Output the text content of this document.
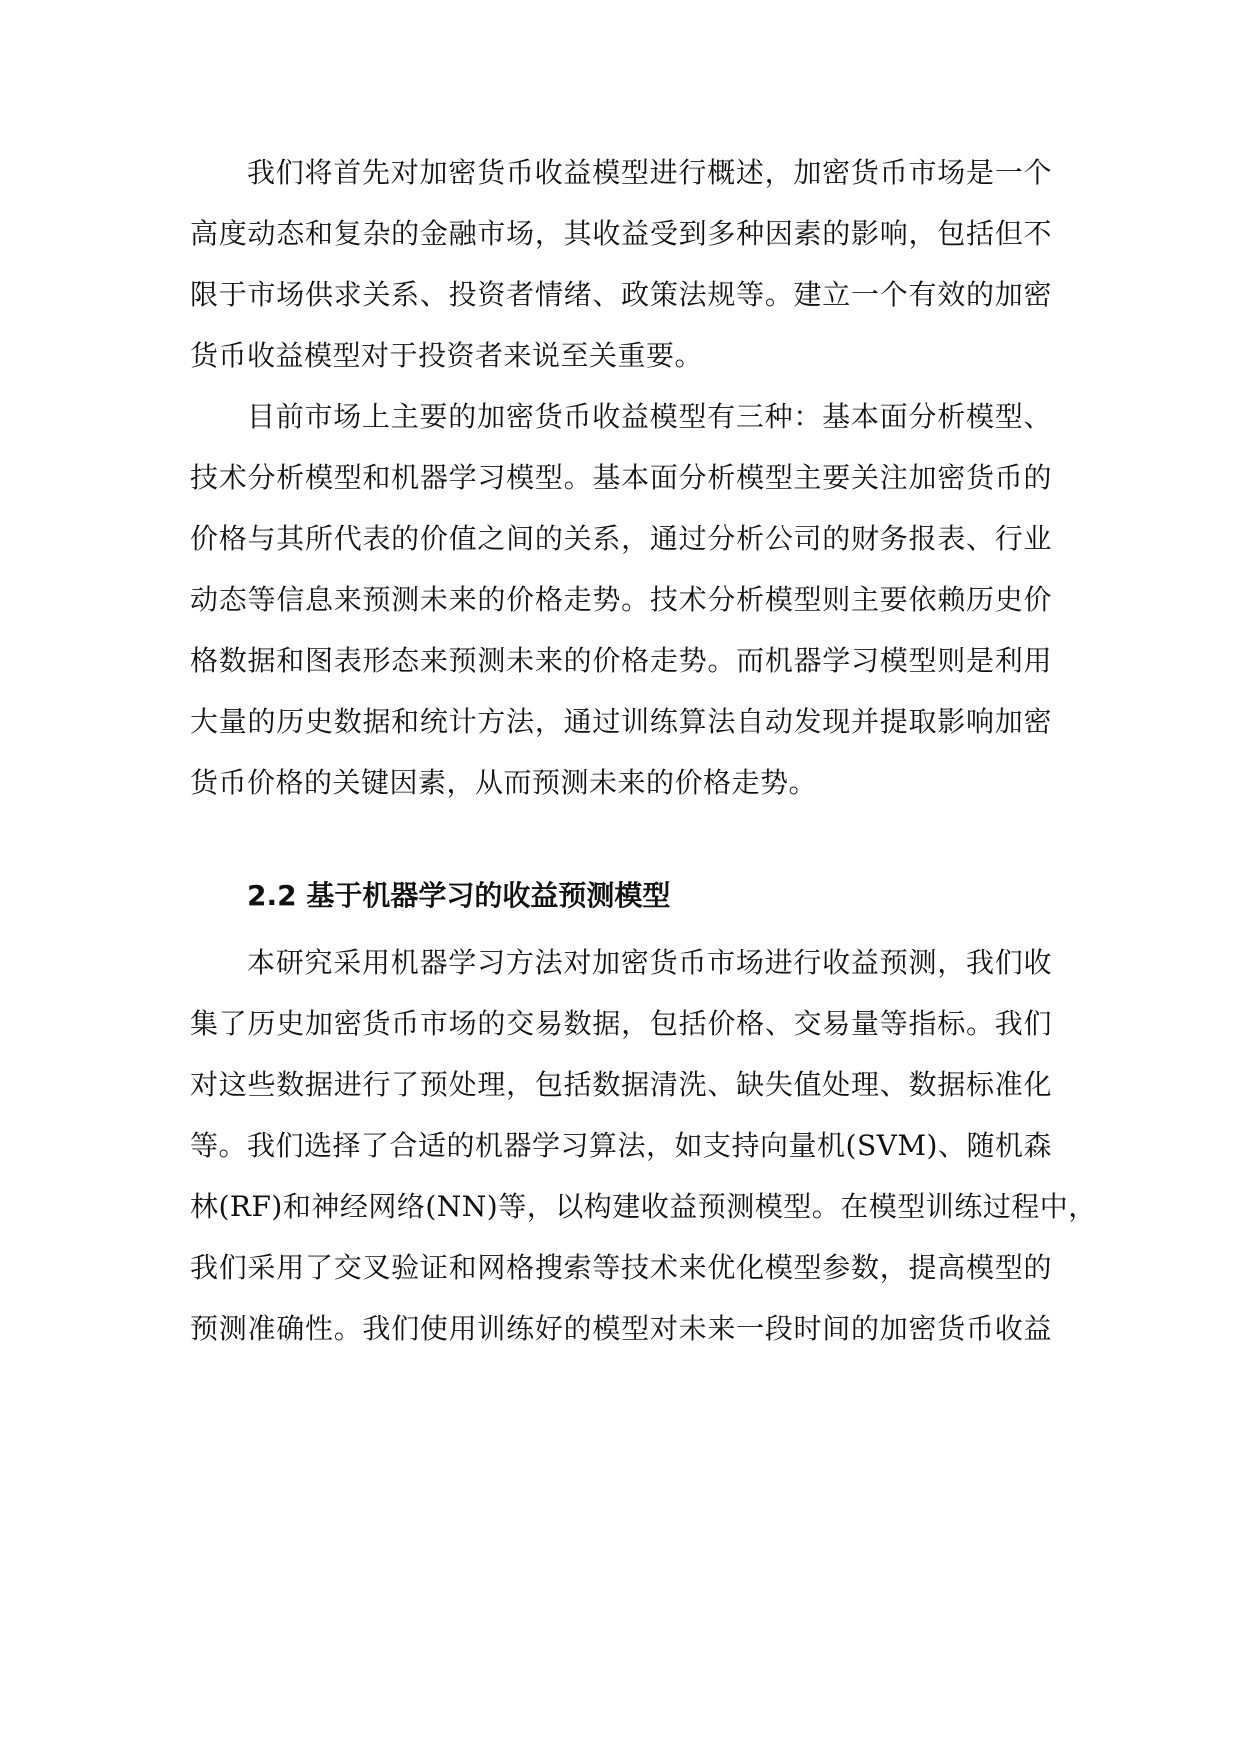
我们将首先对加密货币收益模型进行概述，加密货币市场是一个
高度动态和复杂的金融市场，其收益受到多种因素的影响，包括但不
限于市场供求关系、投资者情绪、政策法规等。建立一个有效的加密
货币收益模型对于投资者来说至关重要。
目前市场上主要的加密货币收益模型有三种：基本面分析模型、
技术分析模型和机器学习模型。基本面分析模型主要关注加密货币的
价格与其所代表的价值之间的关系，通过分析公司的财务报表、行业
动态等信息来预测未来的价格走势。技术分析模型则主要依赖历史价
格数据和图表形态来预测未来的价格走势。而机器学习模型则是利用
大量的历史数据和统计方法，通过训练算法自动发现并提取影响加密
货币价格的关键因素，从而预测未来的价格走势。
2.2 基于机器学习的收益预测模型
本研究采用机器学习方法对加密货币市场进行收益预测，我们收
集了历史加密货币市场的交易数据，包括价格、交易量等指标。我们
对这些数据进行了预处理，包括数据清洗、缺失值处理、数据标准化
等。我们选择了合适的机器学习算法，如支持向量机(SVM)、随机森
林(RF)和神经网络(NN)等，以构建收益预测模型。在模型训练过程中，
我们采用了交叉验证和网格搜索等技术来优化模型参数，提高模型的
预测准确性。我们使用训练好的模型对未来一段时间的加密货币收益
